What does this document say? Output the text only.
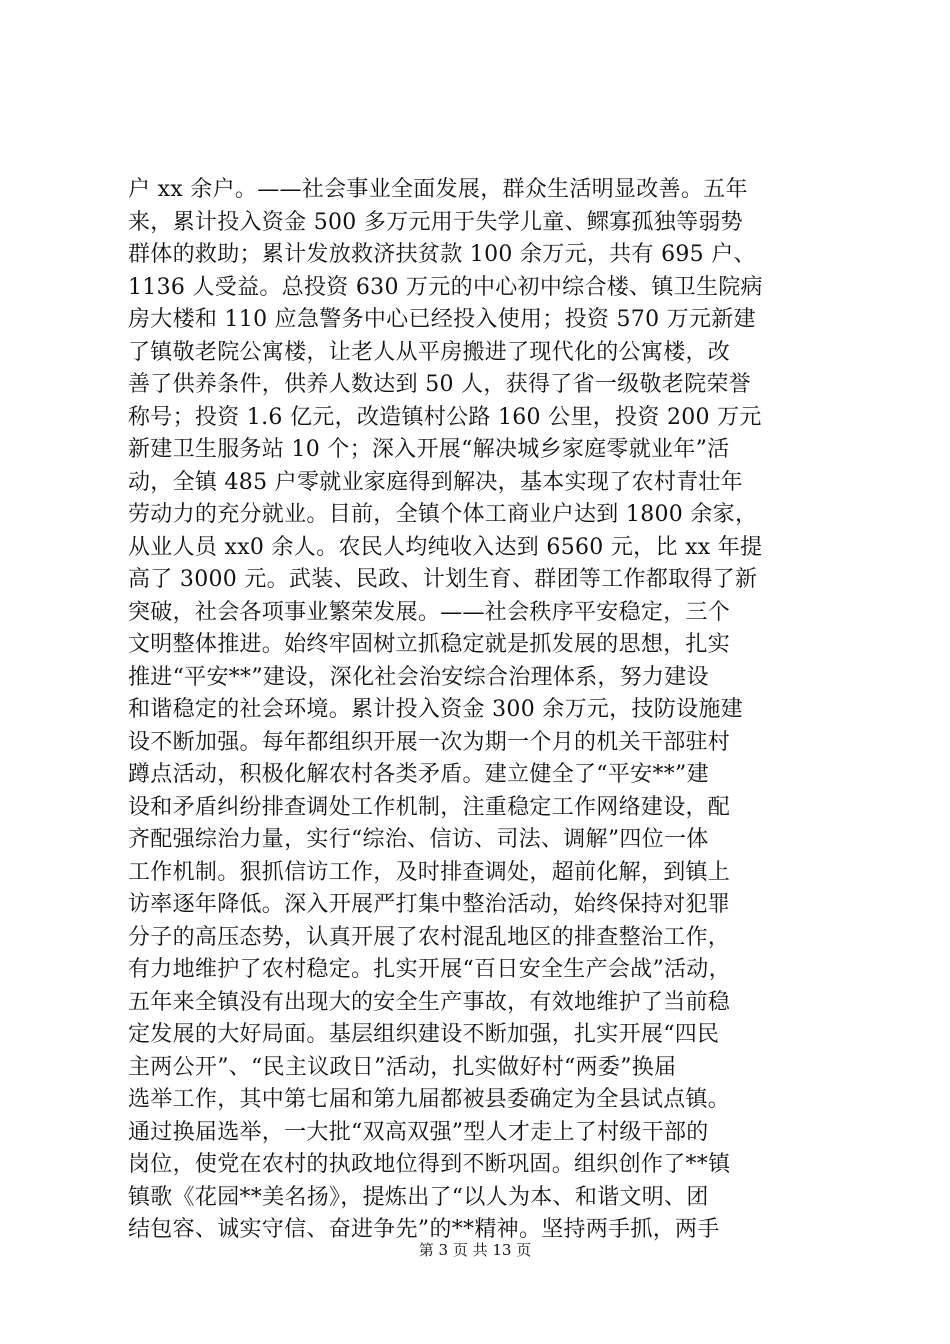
户 xx 余户。——社会事业全面发展，群众生活明显改善。五年
来，累计投入资金 500 多万元用于失学儿童、鳏寡孤独等弱势
群体的救助；累计发放救济扶贫款 100 余万元，共有 695 户、
1136 人受益。总投资 630 万元的中心初中综合楼、镇卫生院病
房大楼和 110 应急警务中心已经投入使用；投资 570 万元新建
了镇敬老院公寓楼，让老人从平房搬进了现代化的公寓楼，改
善了供养条件，供养人数达到 50 人，获得了省一级敬老院荣誉
称号；投资 1.6 亿元，改造镇村公路 160 公里，投资 200 万元
新建卫生服务站 10 个；深入开展“解决城乡家庭零就业年”活
动，全镇 485 户零就业家庭得到解决，基本实现了农村青壮年
劳动力的充分就业。目前，全镇个体工商业户达到 1800 余家，
从业人员 xx0 余人。农民人均纯收入达到 6560 元，比 xx 年提
高了 3000 元。武装、民政、计划生育、群团等工作都取得了新
突破，社会各项事业繁荣发展。——社会秩序平安稳定，三个
文明整体推进。始终牢固树立抓稳定就是抓发展的思想，扎实
推进“平安**”建设，深化社会治安综合治理体系，努力建设
和谐稳定的社会环境。累计投入资金 300 余万元，技防设施建
设不断加强。每年都组织开展一次为期一个月的机关干部驻村
蹲点活动，积极化解农村各类矛盾。建立健全了“平安**”建
设和矛盾纠纷排查调处工作机制，注重稳定工作网络建设，配
齐配强综治力量，实行“综治、信访、司法、调解”四位一体
工作机制。狠抓信访工作，及时排查调处，超前化解，到镇上
访率逐年降低。深入开展严打集中整治活动，始终保持对犯罪
分子的高压态势，认真开展了农村混乱地区的排查整治工作，
有力地维护了农村稳定。扎实开展“百日安全生产会战”活动，
五年来全镇没有出现大的安全生产事故，有效地维护了当前稳
定发展的大好局面。基层组织建设不断加强，扎实开展“四民
主两公开”、“民主议政日”活动，扎实做好村“两委”换届
选举工作，其中第七届和第九届都被县委确定为全县试点镇。
通过换届选举，一大批“双高双强”型人才走上了村级干部的
岗位，使党在农村的执政地位得到不断巩固。组织创作了**镇
镇歌《花园**美名扬》，提炼出了“以人为本、和谐文明、团
结包容、诚实守信、奋进争先”的**精神。坚持两手抓，两手
第 3 页 共 13 页
